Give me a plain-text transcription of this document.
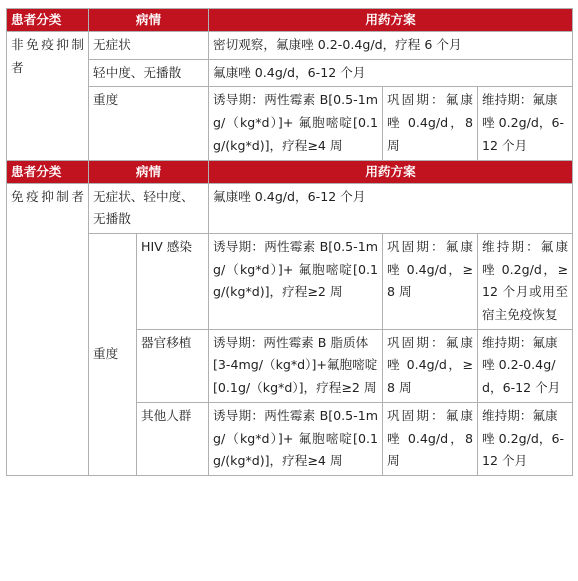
患者分类	病情		用药方案		
非免疫抑制者	无症状		密切观察，氟康唑 0.2-0.4g/d，疗程 6 个月		
	轻中度、无播散		氟康唑 0.4g/d，6-12 个月		
	重度		诱导期：两性霉素 B[0.5-1mg/（kg*d）]+ 氟胞嘧啶[0.1g/(kg*d)]，疗程≥4 周	巩固期：氟康唑 0.4g/d，8 周	维持期：氟康唑 0.2g/d，6-12 个月
患者分类	病情		用药方案		
免疫抑制者	无症状、轻中度、无播散		氟康唑 0.4g/d，6-12 个月		
	重度	HIV 感染	诱导期：两性霉素 B[0.5-1mg/（kg*d）]+ 氟胞嘧啶[0.1g/(kg*d)]，疗程≥2 周	巩固期：氟康唑 0.4g/d，≥8 周	维持期：氟康唑 0.2g/d，≥ 12 个月或用至宿主免疫恢复
		器官移植	诱导期：两性霉素 B 脂质体[3-4mg/（kg*d）]+氟胞嘧啶[0.1g/（kg*d）]，疗程≥2 周	巩固期：氟康唑 0.4g/d，≥8 周	维持期：氟康唑 0.2-0.4g/d，6-12 个月
		其他人群	诱导期：两性霉素 B[0.5-1mg/（kg*d）]+ 氟胞嘧啶[0.1g/(kg*d)]，疗程≥4 周	巩固期：氟康唑 0.4g/d，8 周	维持期：氟康唑 0.2g/d，6-12 个月
